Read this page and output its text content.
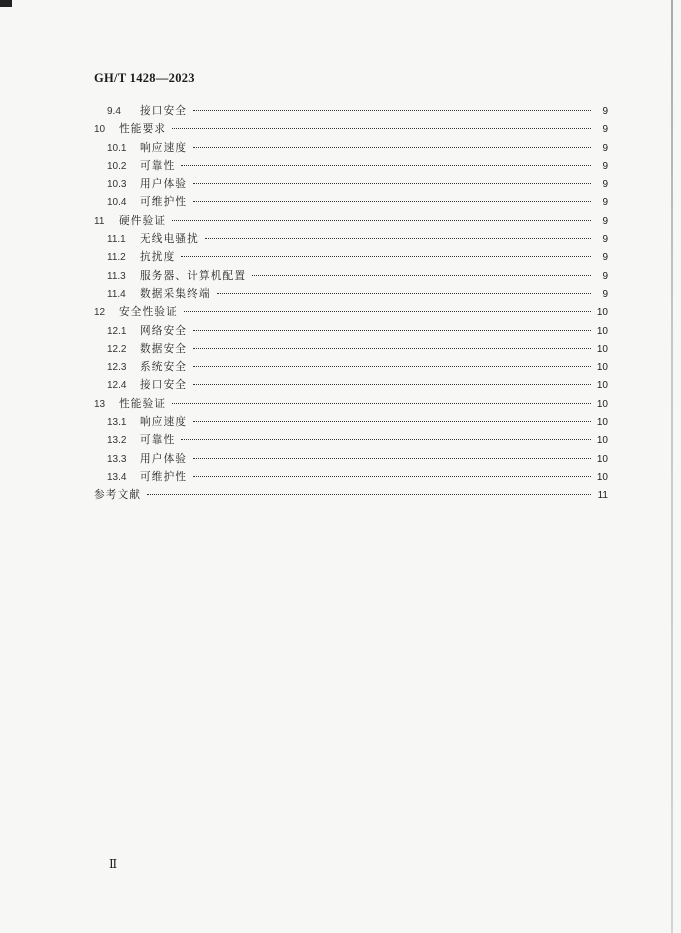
GH/T 1428—2023
9.4	接口安全	9
10	性能要求	9
10.1	响应速度	9
10.2	可靠性	9
10.3	用户体验	9
10.4	可维护性	9
11	硬件验证	9
11.1	无线电骚扰	9
11.2	抗扰度	9
11.3	服务器、计算机配置	9
11.4	数据采集终端	9
12	安全性验证	10
12.1	网络安全	10
12.2	数据安全	10
12.3	系统安全	10
12.4	接口安全	10
13	性能验证	10
13.1	响应速度	10
13.2	可靠性	10
13.3	用户体验	10
13.4	可维护性	10
参考文献	11
Ⅱ
